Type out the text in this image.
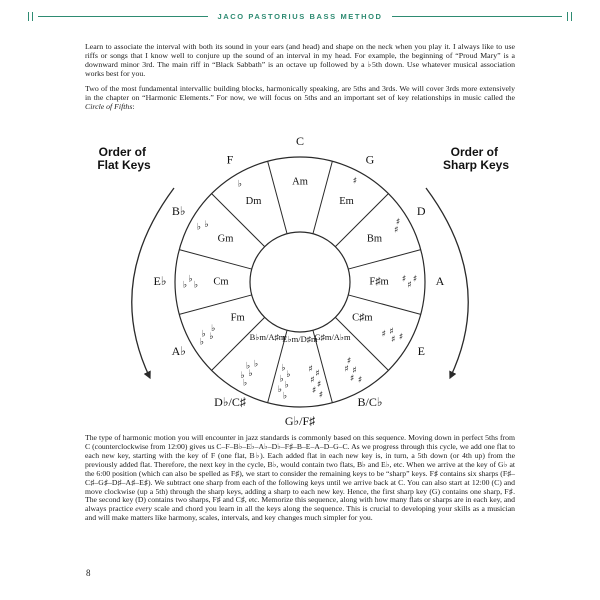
JACO PASTORIUS BASS METHOD

Learn to associate the interval with both its sound in your ears (and head) and shape on the neck when you play it. I always like to use riffs or songs that I know well to conjure up the sound of an interval in my head. For example, the beginning of “Proud Mary” is a downward minor 3rd. The main riff in “Black Sabbath” is an octave up followed by a ♭5th down. Use whatever musical association works best for you.

Two of the most fundamental intervallic building blocks, harmonically speaking, are 5ths and 3rds. We will cover 3rds more extensively in the chapter on “Harmonic Elements.” For now, we will focus on 5ths and an important set of key relationships in music called the Circle of Fifths:

Order of Flat Keys
Order of Sharp Keys
C
Am
G
Em
♯
D
Bm
♯
♯
A
F♯m	♯
♯
♯
E
C♯m
♯
♯
♯
♯
B/C♭
G♯m/A♭m
♯
♯
♯
♯
♯
G♭/F♯
E♭m/D♯m
♭
♭ ♭
♭ ♭
♭
♯
♯
♯
♯
♯
♯
D♭/C♯
B♭m/A♯m
♭
♭ ♭
♭ ♭
A♭
Fm
♭
♭ ♭
♭
E♭	Cm
♭
♭
♭
B♭
Gm
♭ ♭
F
Dm
♭

The type of harmonic motion you will encounter in jazz standards is commonly based on this sequence. Moving down in perfect 5ths from C (counterclockwise from 12:00) gives us C–F–B♭–E♭–A♭–D♭–F♯–B–E–A–D–G–C. As we progress through this cycle, we add one flat to each new key, starting with the key of F (one flat, B♭). Each added flat in each new key is, in turn, a 5th down (or 4th up) from the previously added flat. Therefore, the next key in the cycle, B♭, would contain two flats, B♭ and E♭, etc. When we arrive at the key of G♭ at the 6:00 position (which can also be spelled as F♯), we start to consider the remaining keys to be “sharp” keys. F♯ contains six sharps (F♯–C♯–G♯–D♯–A♯–E♯). We subtract one sharp from each of the following keys until we arrive back at C. You can also start at 12:00 (C) and move clockwise (up a 5th) through the sharp keys, adding a sharp to each new key. Hence, the first sharp key (G) contains one sharp, F♯. The second key (D) contains two sharps, F♯ and C♯, etc. Memorize this sequence, along with how many flats or sharps are in each key, and always practice every scale and chord you learn in all the keys along the sequence. This is crucial to developing your skills as a musician and will make matters like harmony, scales, intervals, and key changes much simpler for you.

8
